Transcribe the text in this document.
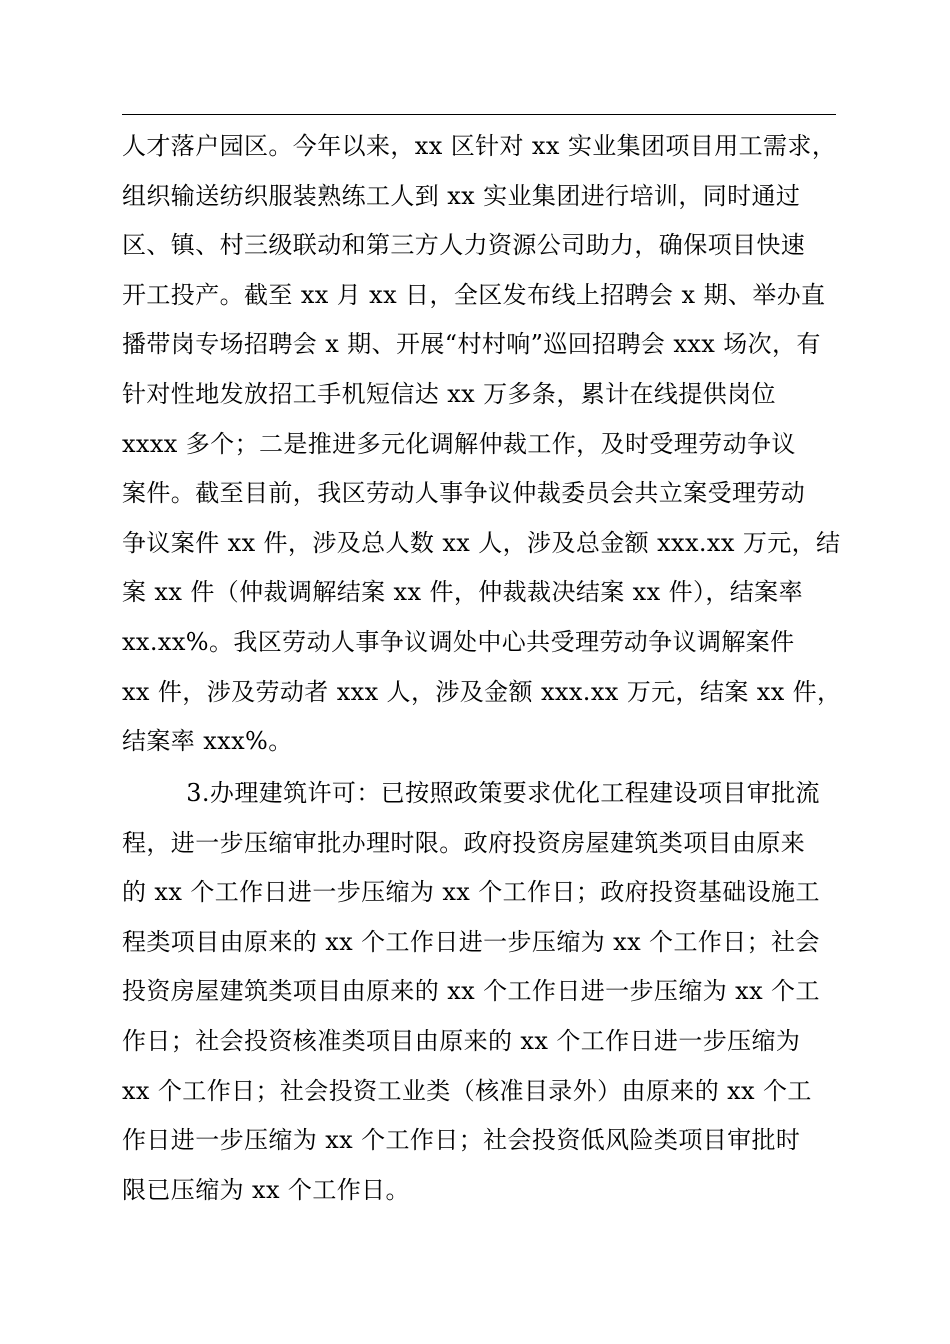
人才落户园区。今年以来，xx 区针对 xx 实业集团项目用工需求，
组织输送纺织服装熟练工人到 xx 实业集团进行培训，同时通过
区、镇、村三级联动和第三方人力资源公司助力，确保项目快速
开工投产。截至 xx 月 xx 日，全区发布线上招聘会 x 期、举办直
播带岗专场招聘会 x 期、开展“村村响”巡回招聘会 xxx 场次，有
针对性地发放招工手机短信达 xx 万多条，累计在线提供岗位
xxxx 多个；二是推进多元化调解仲裁工作，及时受理劳动争议
案件。截至目前，我区劳动人事争议仲裁委员会共立案受理劳动
争议案件 xx 件，涉及总人数 xx 人，涉及总金额 xxx.xx 万元，结
案 xx 件（仲裁调解结案 xx 件，仲裁裁决结案 xx 件），结案率
xx.xx%。我区劳动人事争议调处中心共受理劳动争议调解案件
xx 件，涉及劳动者 xxx 人，涉及金额 xxx.xx 万元，结案 xx 件，
结案率 xxx%。
3.办理建筑许可：已按照政策要求优化工程建设项目审批流
程，进一步压缩审批办理时限。政府投资房屋建筑类项目由原来
的 xx 个工作日进一步压缩为 xx 个工作日；政府投资基础设施工
程类项目由原来的 xx 个工作日进一步压缩为 xx 个工作日；社会
投资房屋建筑类项目由原来的 xx 个工作日进一步压缩为 xx 个工
作日；社会投资核准类项目由原来的 xx 个工作日进一步压缩为
xx 个工作日；社会投资工业类（核准目录外）由原来的 xx 个工
作日进一步压缩为 xx 个工作日；社会投资低风险类项目审批时
限已压缩为 xx 个工作日。
